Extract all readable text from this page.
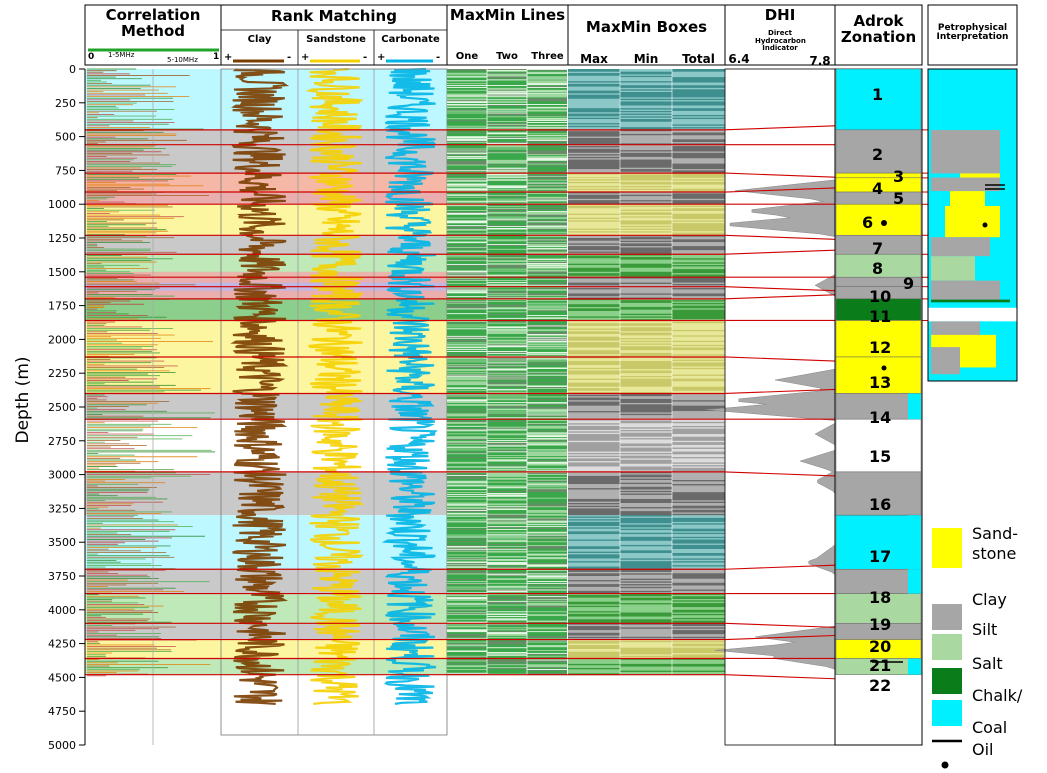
1
2
3
4
5
6
7
8
9
10
11
12
13
14
15
16
17
18
19
20
21
22
0
250
500
750
1000
1250
1500
1750
2000
2250
2500
2750
3000
3250
3500
3750
4000
4250
4500
4750
5000
Depth (m)
Correlation Method
0 1-5MHz
5-10MHz 1
Rank Matching
Clay
+	-
Sandstone
+	-
Carbonate
+	-
MaxMin Lines
One	Two	Three
MaxMin Boxes
Max	Min	Total
DHI
Direct Hydrocarbon Indicator
6.4	7.8
Adrok Zonation	Petrophysical Interpretation
Sand-
stone
Clay
Silt
Salt
Chalk/
Coal
Oil
